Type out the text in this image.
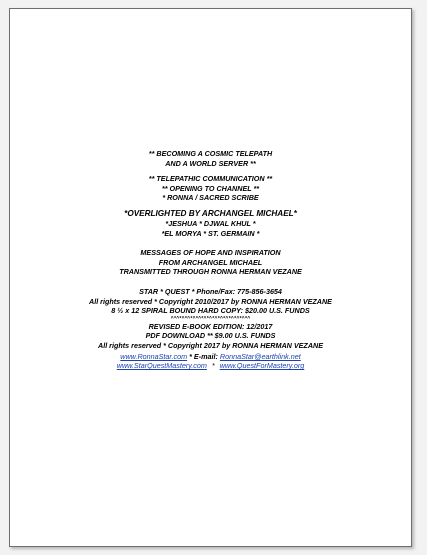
** BECOMING A COSMIC TELEPATH
AND A WORLD SERVER **
** TELEPATHIC COMMUNICATION **
** OPENING TO CHANNEL **
* RONNA / SACRED SCRIBE
*OVERLIGHTED BY ARCHANGEL MICHAEL*
*JESHUA * DJWAL KHUL *
*EL MORYA * ST. GERMAIN *
MESSAGES OF HOPE AND INSPIRATION
FROM ARCHANGEL MICHAEL
TRANSMITTED THROUGH RONNA HERMAN VEZANE
STAR * QUEST * Phone/Fax: 775-856-3654
All rights reserved * Copyright 2010/2017 by RONNA HERMAN VEZANE
8 ½ x 12 SPIRAL BOUND HARD COPY: $20.00 U.S. FUNDS
^*^*^*^*^*^*^*^*^*^*^*^*^*^*^
REVISED E-BOOK EDITION: 12/2017
PDF DOWNLOAD ** $9.00 U.S. FUNDS
All rights reserved * Copyright 2017 by RONNA HERMAN VEZANE
www.RonnaStar.com * E-mail: RonnaStar@earthlink.net
www.StarQuestMastery.com * www.QuestForMastery.org
